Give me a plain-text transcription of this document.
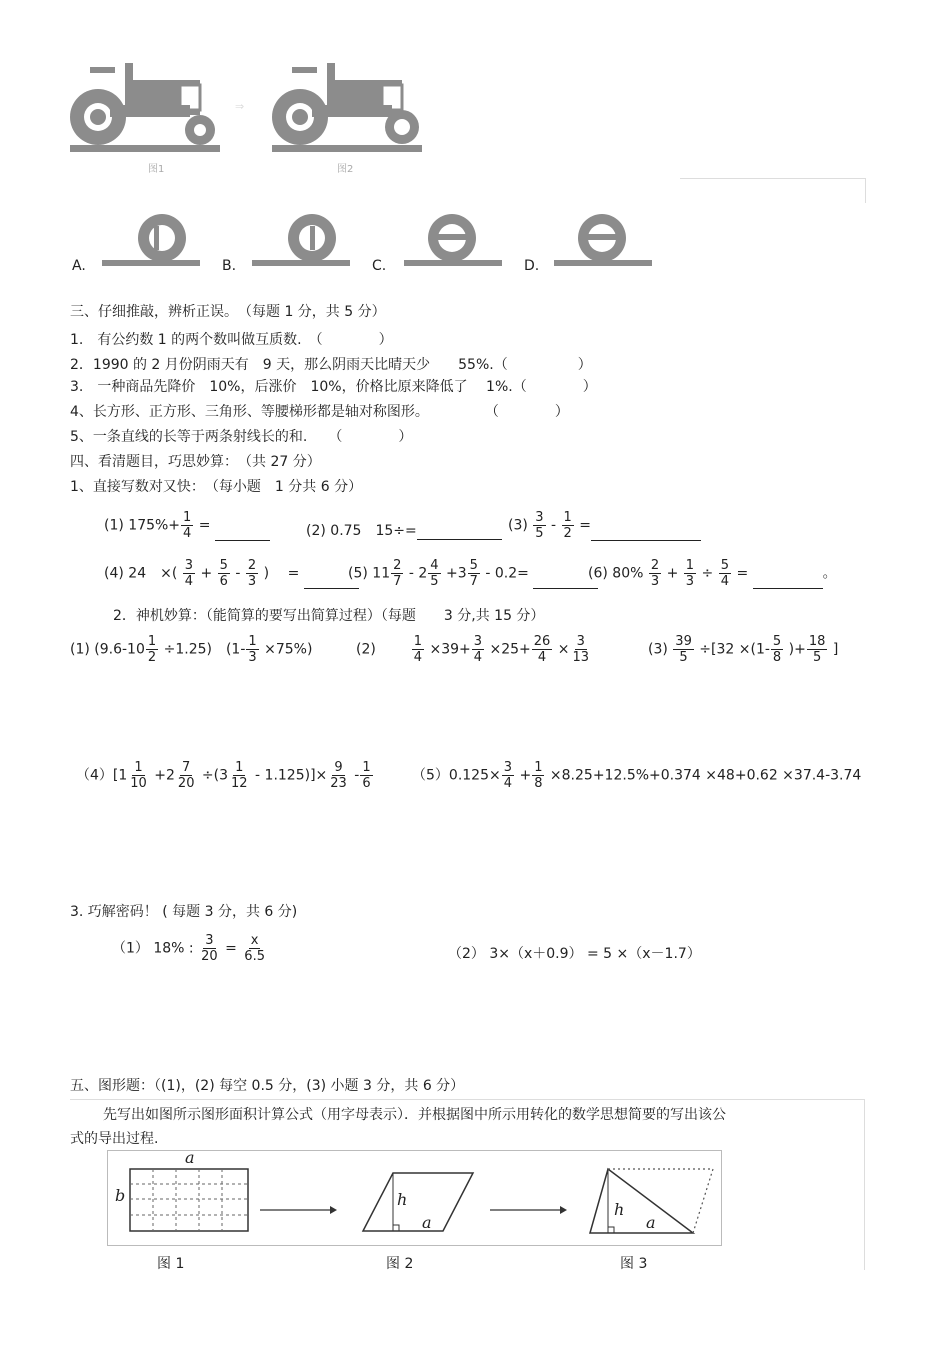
⇒
图1	图2
A.	B.	C.	D.
三、仔细推敲，辨析正误。　（每题 1 分，共 5 分）
1.　有公约数 1 的两个数叫做互质数.　（　　　　）
2．1990 的 2 月份阴雨天有　9 天，那么阴雨天比晴天少　　55%.（　　　　　）
3.　一种商品先降价　10%，后涨价　10%，价格比原来降低了　 1%.（　　　　）
4、长方形、正方形、三角形、等腰梯形都是轴对称图形。　　　　　（　　　　）
5、一条直线的长等于两条射线长的和.　　（　　　　）
四、看清题目，巧思妙算：　（共 27 分）
1、直接写数对又快：　（每小题　1 分共 6 分）
(1) $175\%+ \frac{1}{4}$ =	(2) 0.75　15÷=	$(3) \frac{3}{5} - \frac{1}{2}$ =
(4) 24　×( $\frac{3}{4} + \frac{5}{6} - \frac{2}{3}$ )　 =	(5) $11 \frac{2}{7} - 2 \frac{4}{5} +3 \frac{5}{7} - 0.2=$	(6) $80\% \frac{2}{3} + \frac{1}{3} \div \frac{5}{4}$ =	。
2．神机妙算：（能简算的要写出简算过程）（每题　　3 分,共 15 分）
(1) $(9.6-10 \frac{1}{2} \div 1.25)$　$(1- \frac{1}{3} \times 75\%)$	(2)	$\frac{1}{4} \times 39+ \frac{3}{4} \times 25+ \frac{26}{4} \times \frac{3}{13}$	$(3) \frac{39}{5} \div[32 \times(1- \frac{5}{8}$ )+ $\frac{18}{5}$ ]
$(4)[1 \frac{1}{10} +2 \frac{7}{20} \div(3 \frac{1}{12} - 1.125)]\times \frac{9}{23} - \frac{1}{6}$	$(5)0.125\times \frac{3}{4} + \frac{1}{8} \times 8.25+12.5\%+0.374 \times 48+0.62 \times 37.4-3.74$
3. 巧解密码！ ( 每题 3 分，共 6 分)
（1） 18% : $\frac{3}{20} = \frac{x}{6.5}$	（2） 3×（x＋0.9） = 5 ×（x－1.7）
五、图形题：（(1)，(2) 每空 0.5 分，(3) 小题 3 分，共 6 分）
先写出如图所示图形面积计算公式（用字母表示）．并根据图中所示用转化的数学思想简要的写出该公
式的导出过程.
a
b	h
a
h
a
图 1	图 2	图 3
